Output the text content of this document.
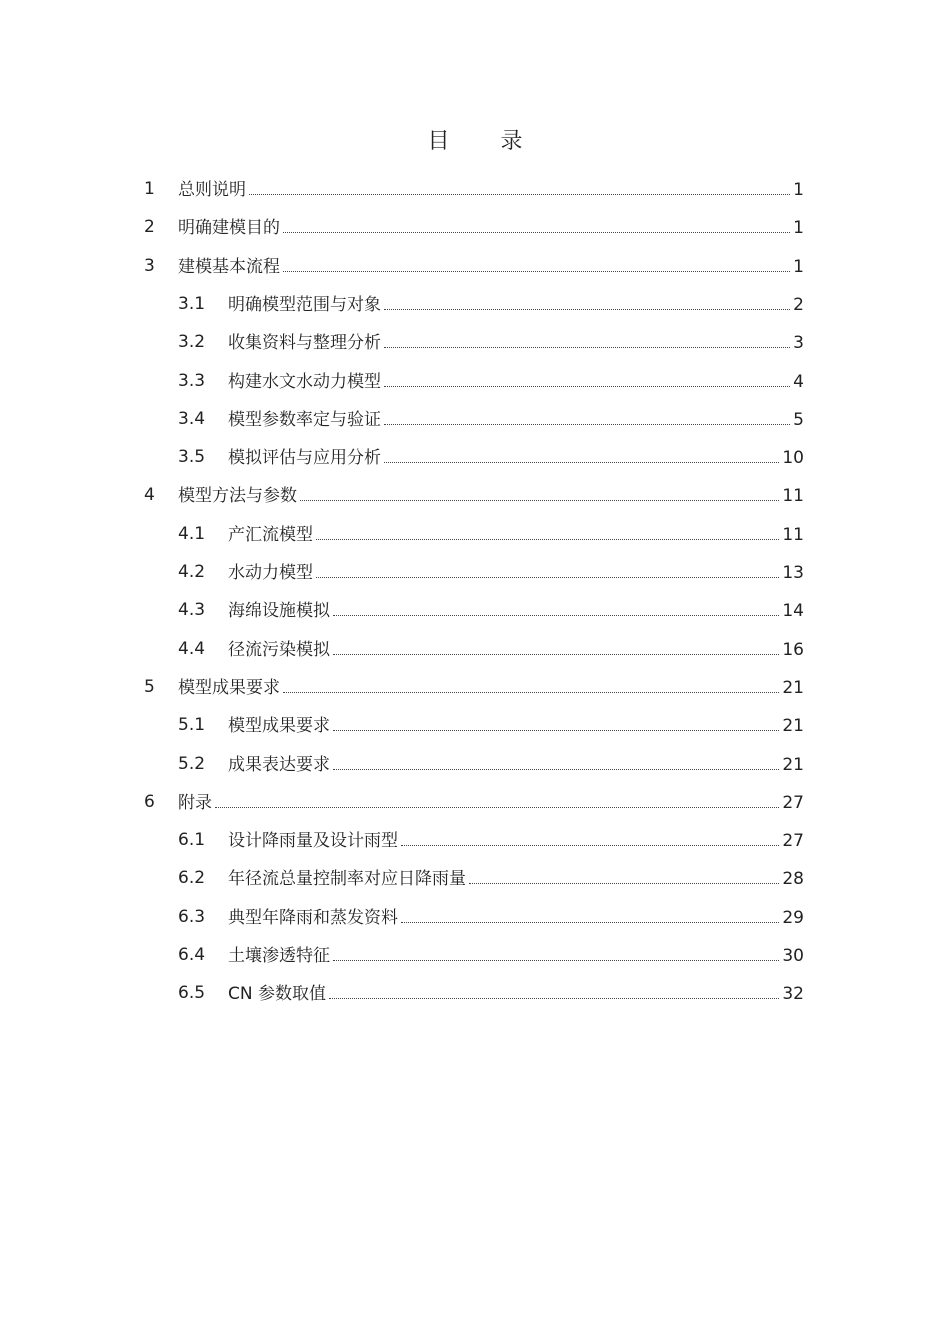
目 录
1 总则说明	1
2 明确建模目的	1
3 建模基本流程	1
3.1 明确模型范围与对象	2
3.2 收集资料与整理分析	3
3.3 构建水文水动力模型	4
3.4 模型参数率定与验证	5
3.5 模拟评估与应用分析	10
4 模型方法与参数	11
4.1 产汇流模型	11
4.2 水动力模型	13
4.3 海绵设施模拟	14
4.4 径流污染模拟	16
5 模型成果要求	21
5.1 模型成果要求	21
5.2 成果表达要求	21
6 附录	27
6.1 设计降雨量及设计雨型	27
6.2 年径流总量控制率对应日降雨量	28
6.3 典型年降雨和蒸发资料	29
6.4 土壤渗透特征	30
6.5 CN 参数取值	32
